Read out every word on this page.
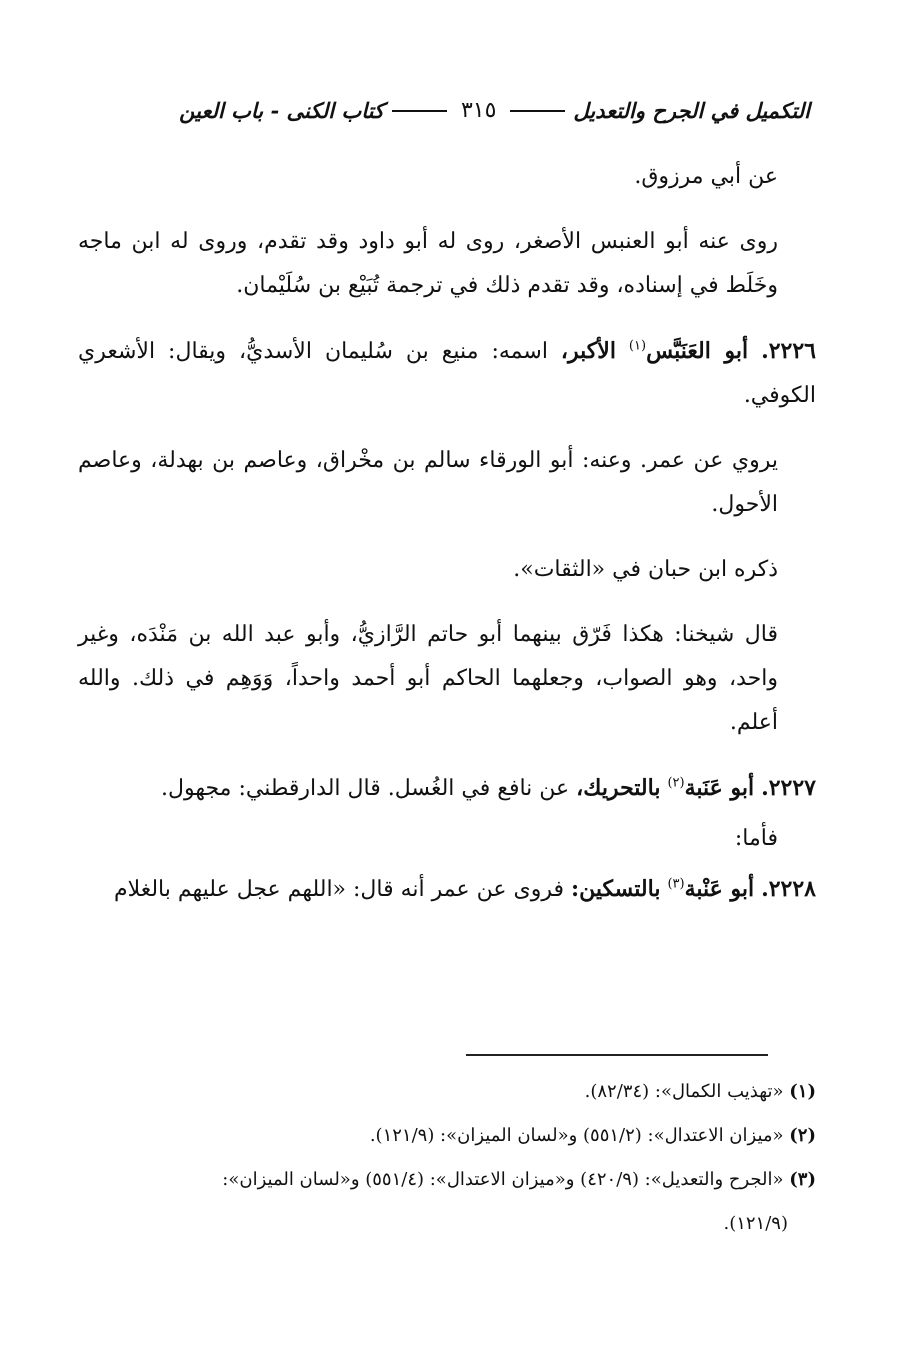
التكميل في الجرح والتعديل
٣١٥
كتاب الكنى - باب العين

عن أبي مرزوق.

روى عنه أبو العنبس الأصغر، روى له أبو داود وقد تقدم، وروى له ابن ماجه وخَلَط في إسناده، وقد تقدم ذلك في ترجمة تُبَيْع بن سُلَيْمان.

٢٢٢٦. أبو العَنَبَّس$^{(١)}$ الأكبر، اسمه: منيع بن سُليمان الأسديُّ، ويقال: الأشعري الكوفي.

يروي عن عمر. وعنه: أبو الورقاء سالم بن مخْراق، وعاصم بن بهدلة، وعاصم الأحول.

ذكره ابن حبان في «الثقات».

قال شيخنا: هكذا فَرّق بينهما أبو حاتم الرَّازيُّ، وأبو عبد الله بن مَنْدَه، وغير واحد، وهو الصواب، وجعلهما الحاكم أبو أحمد واحداً، وَوَهِم في ذلك. والله أعلم.

٢٢٢٧. أبو عَنَبة$^{(٢)}$ بالتحريك، عن نافع في الغُسل. قال الدارقطني: مجهول.

فأما:

٢٢٢٨. أبو عَنْبة$^{(٣)}$ بالتسكين: فروى عن عمر أنه قال: «اللهم عجل عليهم بالغلام

(١) «تهذيب الكمال»: (٨٢/٣٤).

(٢) «ميزان الاعتدال»: (٥٥١/٢) و«لسان الميزان»: (١٢١/٩).

(٣) «الجرح والتعديل»: (٤٢٠/٩) و«ميزان الاعتدال»: (٥٥١/٤) و«لسان الميزان»:

(١٢١/٩).
